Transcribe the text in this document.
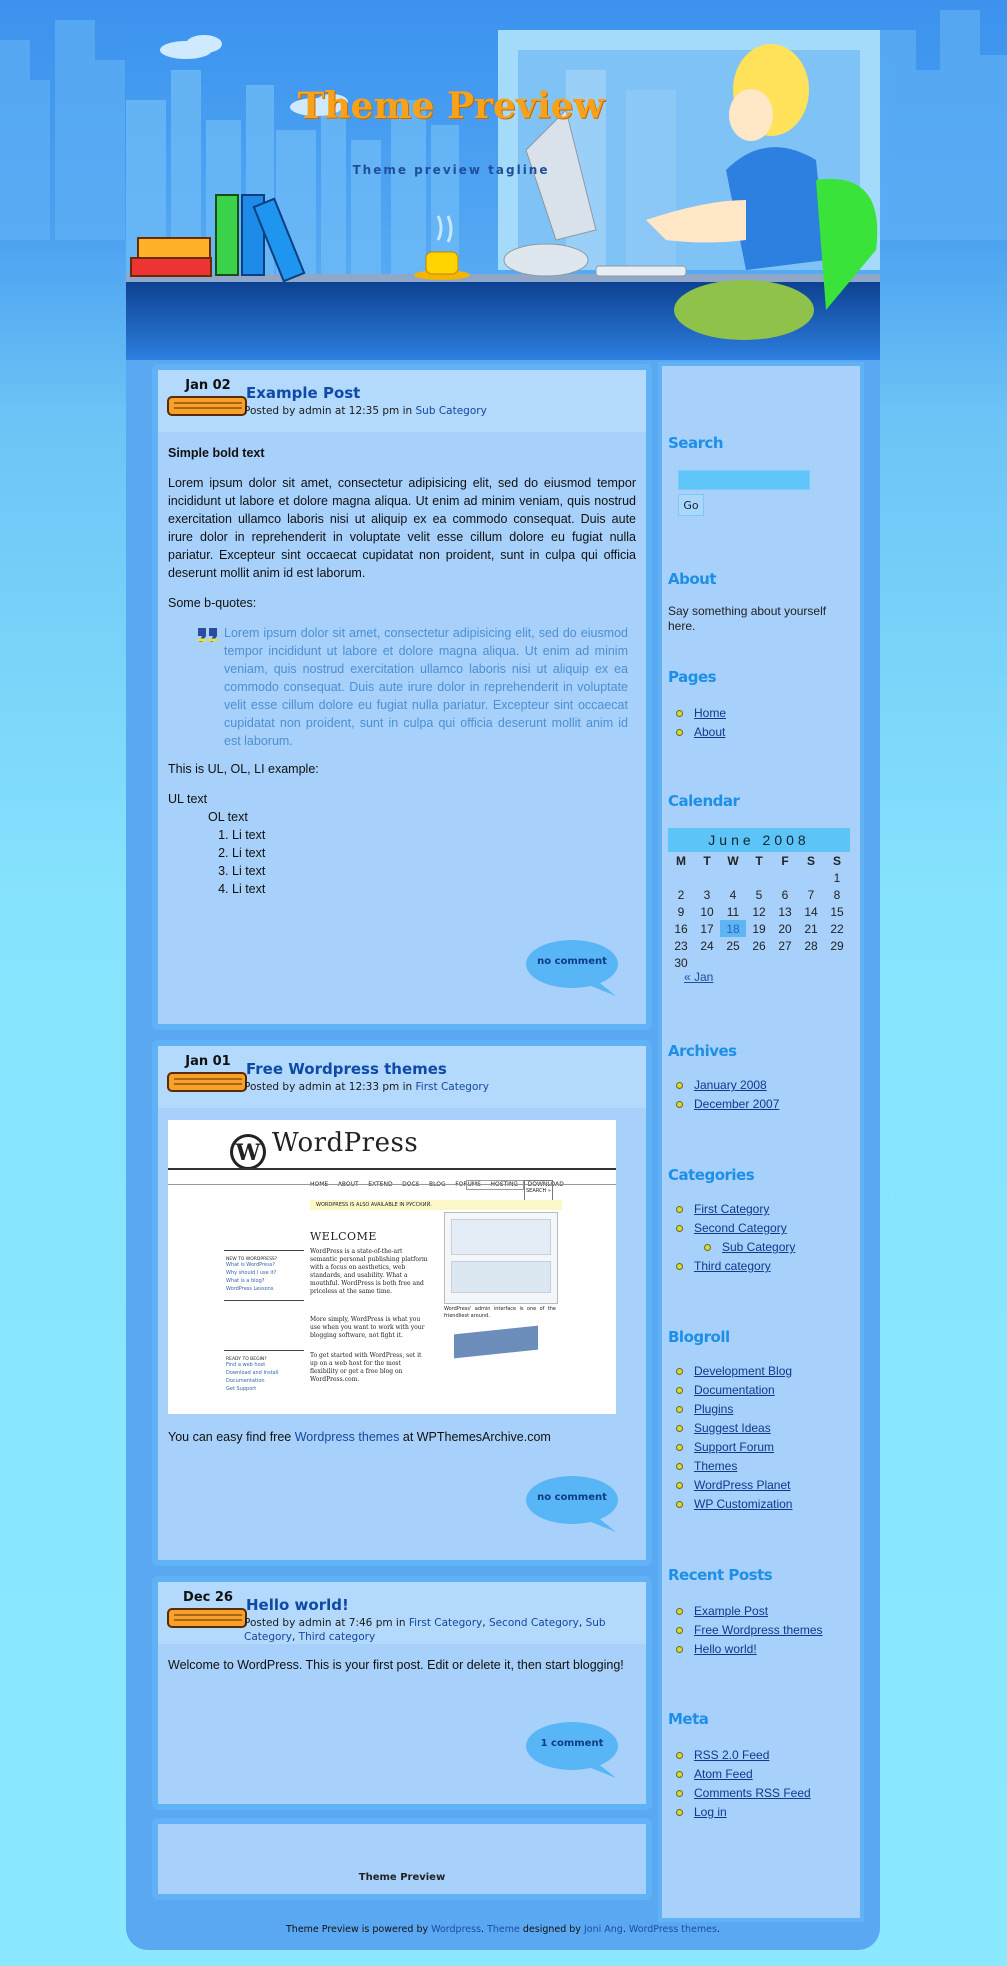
Theme Preview
Theme preview tagline
Jan 02	Example Post
Posted by admin at 12:35 pm in Sub Category

Simple bold text

Lorem ipsum dolor sit amet, consectetur adipisicing elit, sed do eiusmod tempor incididunt ut labore et dolore magna aliqua. Ut enim ad minim veniam, quis nostrud exercitation ullamco laboris nisi ut aliquip ex ea commodo consequat. Duis aute irure dolor in reprehenderit in voluptate velit esse cillum dolore eu fugiat nulla pariatur. Excepteur sint occaecat cupidatat non proident, sunt in culpa qui officia deserunt mollit anim id est laborum.

Some b-quotes:

Lorem ipsum dolor sit amet, consectetur adipisicing elit, sed do eiusmod tempor incididunt ut labore et dolore magna aliqua. Ut enim ad minim veniam, quis nostrud exercitation ullamco laboris nisi ut aliquip ex ea commodo consequat. Duis aute irure dolor in reprehenderit in voluptate velit esse cillum dolore eu fugiat nulla pariatur. Excepteur sint occaecat cupidatat non proident, sunt in culpa qui officia deserunt mollit anim id est laborum.

This is UL, OL, LI example:

UL text
OL text
1. Li text
2. Li text
3. Li text
4. Li text
no comment
Jan 01	Free Wordpress themes
Posted by admin at 12:33 pm in First Category
W WordPress

SEARCH »
WORDPRESS IS ALSO AVAILABLE IN РУССКИЙ.
WELCOME
WordPress is a state-of-the-art semantic personal publishing platform with a focus on aesthetics, web standards, and usability. What a mouthful. WordPress is both free and priceless at the same time.
More simply, WordPress is what you use when you want to work with your blogging software, not fight it.
To get started with WordPress, set it up on a web host for the most flexibility or get a free blog on WordPress.com.
NEW TO WORDPRESS?
What is WordPress?
Why should I use it?
What is a blog?
WordPress Lessons
READY TO BEGIN?
Find a web host
Download and Install
Documentation
Get Support
WordPress' admin interface is one of the friendliest around.

You can easy find free Wordpress themes at WPThemesArchive.com

no comment
Dec 26 Hello world!
Posted by admin at 7:46 pm in First Category, Second Category, Sub Category, Third category

Welcome to WordPress. This is your first post. Edit or delete it, then start blogging!

1 comment
Theme Preview
Search
Go
About
Say something about yourself here.
Pages
Home
About
Calendar
June 2008
M	T	W	T	F	S	S
						1
2	3	4	5	6	7	8
9	10	11	12	13	14	15
16	17	18	19	20	21	22
23	24	25	26	27	28	29
30						
« Jan
Archives
January 2008
December 2007
Categories
First Category
Second Category
Sub Category
Third category
Blogroll
Development Blog
Documentation
Plugins
Suggest Ideas
Support Forum
Themes
WordPress Planet
WP Customization
Recent Posts
Example Post
Free Wordpress themes
Hello world!
Meta
RSS 2.0 Feed
Atom Feed
Comments RSS Feed
Log in
Theme Preview is powered by Wordpress. Theme designed by Joni Ang. WordPress themes.
